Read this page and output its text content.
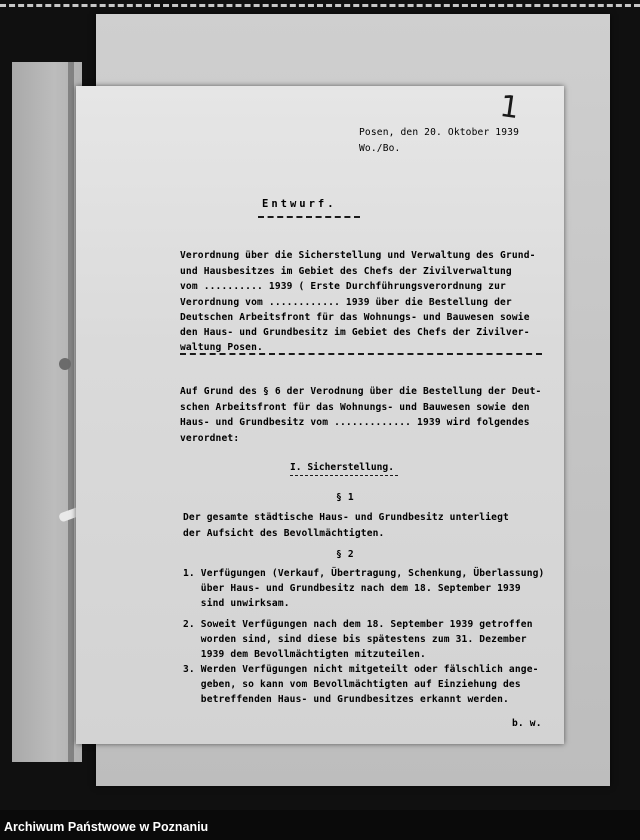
1
Posen, den 20. Oktober 1939
Wo./Bo.
Entwurf.
Verordnung über die Sicherstellung und Verwaltung des Grund-
und Hausbesitzes im Gebiet des Chefs der Zivilverwaltung
vom .......... 1939 ( Erste Durchführungsverordnung zur
Verordnung vom ............ 1939 über die Bestellung der
Deutschen Arbeitsfront für das Wohnungs- und Bauwesen sowie
den Haus- und Grundbesitz im Gebiet des Chefs der Zivilver-
waltung Posen.
Auf Grund des § 6 der Verodnung über die Bestellung der Deut-
schen Arbeitsfront für das Wohnungs- und Bauwesen sowie den
Haus- und Grundbesitz vom ............. 1939 wird folgendes
verordnet:
I. Sicherstellung.
§ 1
Der gesamte städtische Haus- und Grundbesitz unterliegt
der Aufsicht des Bevollmächtigten.
§ 2
1. Verfügungen (Verkauf, Übertragung, Schenkung, Überlassung)
über Haus- und Grundbesitz nach dem 18. September 1939
sind unwirksam.
2. Soweit Verfügungen nach dem 18. September 1939 getroffen
worden sind, sind diese bis spätestens zum 31. Dezember
1939 dem Bevollmächtigten mitzuteilen.
3. Werden Verfügungen nicht mitgeteilt oder fälschlich ange-
geben, so kann vom Bevollmächtigten auf Einziehung des
betreffenden Haus- und Grundbesitzes erkannt werden.
b. w.
Archiwum Państwowe w Poznaniu
